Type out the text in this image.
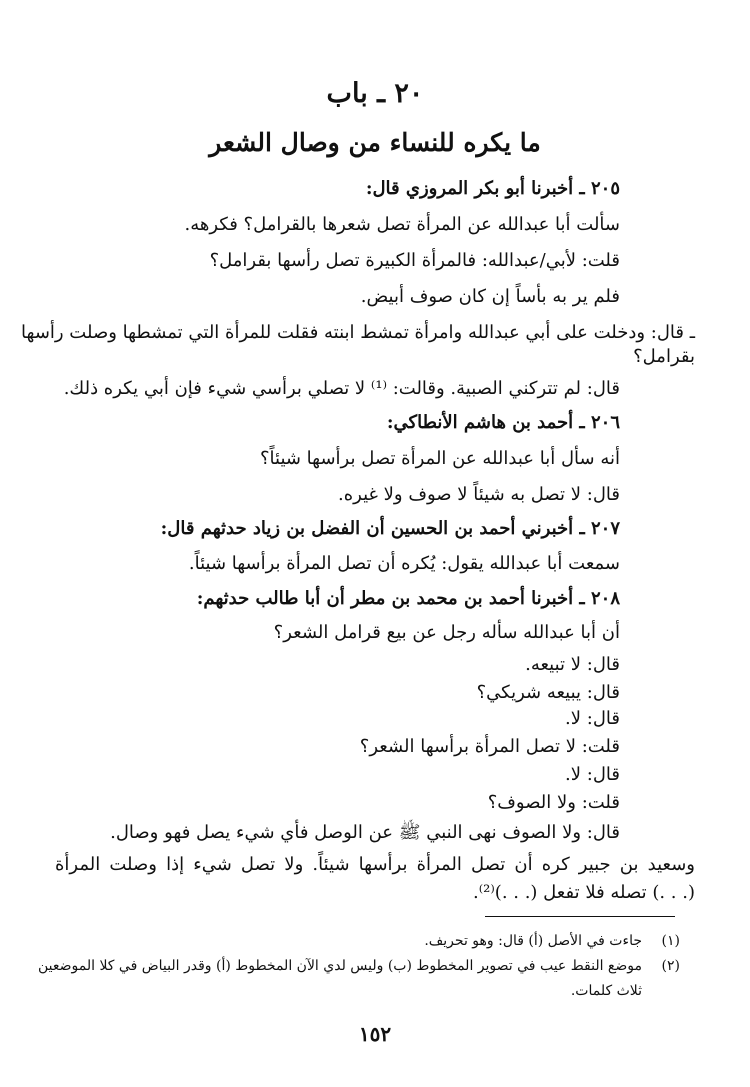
٢٠ ـ باب
ما يكره للنساء من وصال الشعر
٢٠٥ ـ أخبرنا أبو بكر المروزي قال:
سألت أبا عبدالله عن المرأة تصل شعرها بالقرامل؟ فكرهه.
قلت: لأبي/عبدالله: فالمرأة الكبيرة تصل رأسها بقرامل؟
فلم ير به بأساً إن كان صوف أبيض.
ـ قال: ودخلت على أبي عبدالله وامرأة تمشط ابنته فقلت للمرأة التي تمشطها وصلت رأسها
بقرامل؟
قال: لم تتركني الصبية. وقالت: ⁽¹⁾ لا تصلي برأسي شيء فإن أبي يكره ذلك.
٢٠٦ ـ أحمد بن هاشم الأنطاكي:
أنه سأل أبا عبدالله عن المرأة تصل برأسها شيئاً؟
قال: لا تصل به شيئاً لا صوف ولا غيره.
٢٠٧ ـ أخبرني أحمد بن الحسين أن الفضل بن زياد حدثهم قال:
سمعت أبا عبدالله يقول: يُكره أن تصل المرأة برأسها شيئاً.
٢٠٨ ـ أخبرنا أحمد بن محمد بن مطر أن أبا طالب حدثهم:
أن أبا عبدالله سأله رجل عن بيع قرامل الشعر؟
قال: لا تبيعه.
قال: يبيعه شريكي؟
قال: لا.
قلت: لا تصل المرأة برأسها الشعر؟
قال: لا.
قلت: ولا الصوف؟
قال: ولا الصوف نهى النبي ﷺ عن الوصل فأي شيء يصل فهو وصال.
وسعيد بن جبير كره أن تصل المرأة برأسها شيئاً. ولا تصل شيء إذا وصلت المرأة
(. . .) تصله فلا تفعل (. . .)⁽²⁾.
(١)جاءت في الأصل (أ) قال: وهو تحريف.
(٢)موضع النقط عيب في تصوير المخطوط (ب) وليس لدي الآن المخطوط (أ) وقدر البياض في كلا الموضعين
ثلاث كلمات.
١٥٢
